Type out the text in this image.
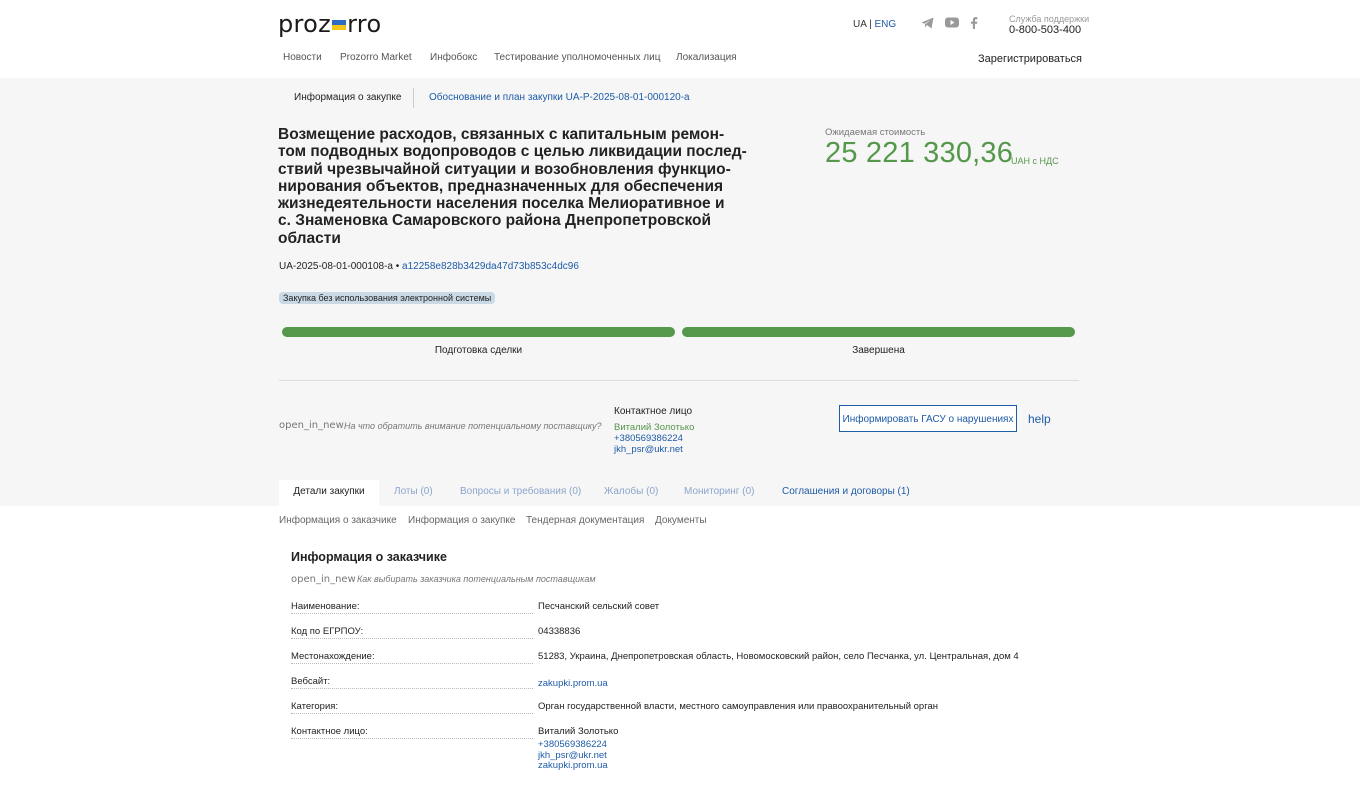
proz rro	UA | ENG	Служба поддержки
0-800-503-400
Новости Prozorro Market Инфобокс Тестирование уполномоченных лиц Локализация	Зарегистрироваться
Информация о закупке	Обоснование и план закупки UA-P-2025-08-01-000120-a
Возмещение расходов, связанных с капитальным ремон-
том подводных водопроводов с целью ликвидации послед-
ствий чрезвычайной ситуации и возобновления функцио-
нирования объектов, предназначенных для обеспечения
жизнедеятельности населения поселка Мелиоративное и
с. Знаменовка Самаровского района Днепропетровской
области
Ожидаемая стоимость
25 221 330,36
UAH с НДС
UA-2025-08-01-000108-a • a12258e828b3429da47d73b853c4dc96
Закупка без использования электронной системы
Подготовка сделки	Завершена
open_in_new На что обратить внимание потенциальному поставщику?
Контактное лицо
Виталий Золотько
+380569386224
jkh_psr@ukr.net
Информировать ГАСУ о нарушениях help
Детали закупки	Лоты (0)	Вопросы и требования (0) Жалобы (0)	Мониторинг (0)	Соглашения и договоры (1)
Информация о заказчике Информация о закупке Тендерная документация Документы
Информация о заказчике
open_in_new Как выбирать заказчика потенциальным поставщикам
Наименование:	Песчанский сельский совет
Код по ЕГРПОУ:	04338836
Местонахождение:	51283, Украина, Днепропетровская область, Новомосковский район, село Песчанка, ул. Центральная, дом 4
Вебсайт:	zakupki.prom.ua
Категория:	Орган государственной власти, местного самоуправления или правоохранительный орган
Контактное лицо:	Виталий Золотько
+380569386224
jkh_psr@ukr.net
zakupki.prom.ua
